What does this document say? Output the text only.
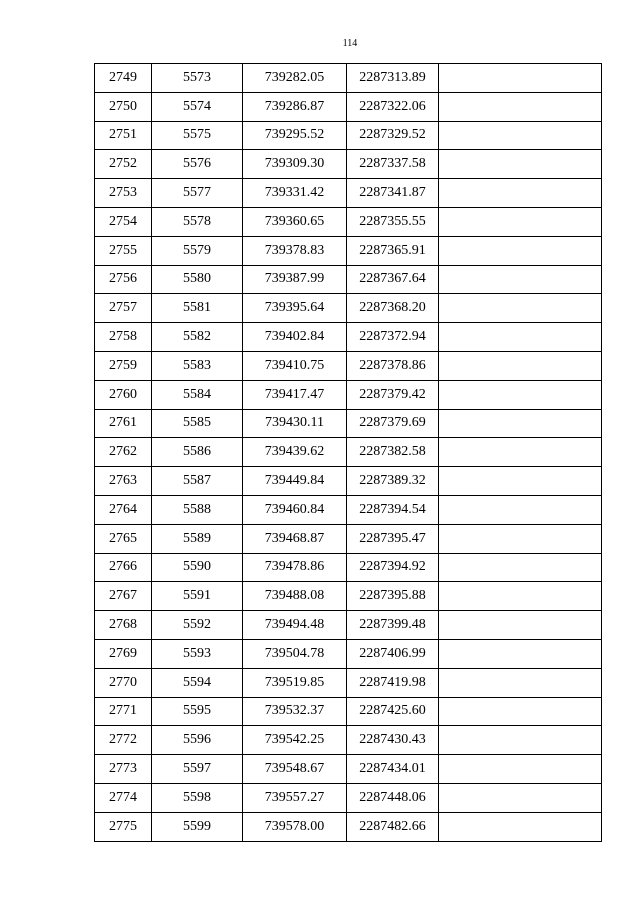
114
2749	5573	739282.05	2287313.89	
2750	5574	739286.87	2287322.06	
2751	5575	739295.52	2287329.52	
2752	5576	739309.30	2287337.58	
2753	5577	739331.42	2287341.87	
2754	5578	739360.65	2287355.55	
2755	5579	739378.83	2287365.91	
2756	5580	739387.99	2287367.64	
2757	5581	739395.64	2287368.20	
2758	5582	739402.84	2287372.94	
2759	5583	739410.75	2287378.86	
2760	5584	739417.47	2287379.42	
2761	5585	739430.11	2287379.69	
2762	5586	739439.62	2287382.58	
2763	5587	739449.84	2287389.32	
2764	5588	739460.84	2287394.54	
2765	5589	739468.87	2287395.47	
2766	5590	739478.86	2287394.92	
2767	5591	739488.08	2287395.88	
2768	5592	739494.48	2287399.48	
2769	5593	739504.78	2287406.99	
2770	5594	739519.85	2287419.98	
2771	5595	739532.37	2287425.60	
2772	5596	739542.25	2287430.43	
2773	5597	739548.67	2287434.01	
2774	5598	739557.27	2287448.06	
2775	5599	739578.00	2287482.66	
